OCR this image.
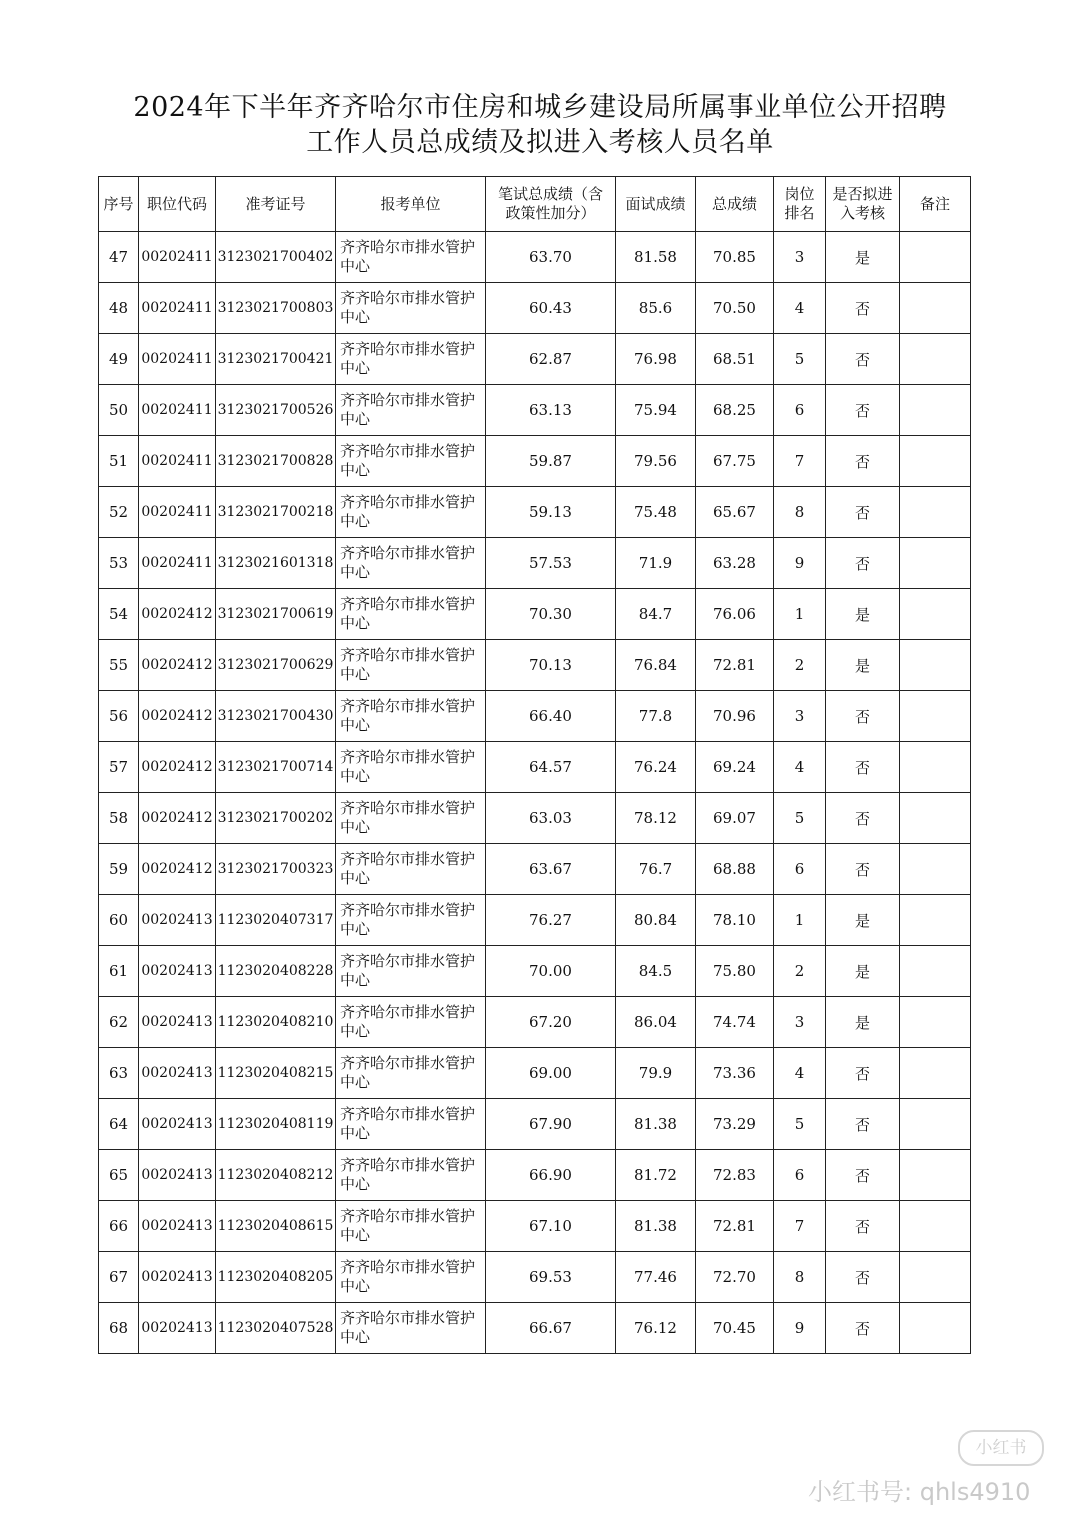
2024年下半年齐齐哈尔市住房和城乡建设局所属事业单位公开招聘
工作人员总成绩及拟进入考核人员名单
序号	职位代码	准考证号	报考单位	笔试总成绩（含政策性加分）	面试成绩	总成绩	岗位排名	是否拟进入考核	备注

47	00202411	3123021700402	齐齐哈尔市排水管护中心	63.70	81.58	70.85	3	是	
48	00202411	3123021700803	齐齐哈尔市排水管护中心	60.43	85.6	70.50	4	否	
49	00202411	3123021700421	齐齐哈尔市排水管护中心	62.87	76.98	68.51	5	否	
50	00202411	3123021700526	齐齐哈尔市排水管护中心	63.13	75.94	68.25	6	否	
51	00202411	3123021700828	齐齐哈尔市排水管护中心	59.87	79.56	67.75	7	否	
52	00202411	3123021700218	齐齐哈尔市排水管护中心	59.13	75.48	65.67	8	否	
53	00202411	3123021601318	齐齐哈尔市排水管护中心	57.53	71.9	63.28	9	否	
54	00202412	3123021700619	齐齐哈尔市排水管护中心	70.30	84.7	76.06	1	是	
55	00202412	3123021700629	齐齐哈尔市排水管护中心	70.13	76.84	72.81	2	是	
56	00202412	3123021700430	齐齐哈尔市排水管护中心	66.40	77.8	70.96	3	否	
57	00202412	3123021700714	齐齐哈尔市排水管护中心	64.57	76.24	69.24	4	否	
58	00202412	3123021700202	齐齐哈尔市排水管护中心	63.03	78.12	69.07	5	否	
59	00202412	3123021700323	齐齐哈尔市排水管护中心	63.67	76.7	68.88	6	否	
60	00202413	1123020407317	齐齐哈尔市排水管护中心	76.27	80.84	78.10	1	是	
61	00202413	1123020408228	齐齐哈尔市排水管护中心	70.00	84.5	75.80	2	是	
62	00202413	1123020408210	齐齐哈尔市排水管护中心	67.20	86.04	74.74	3	是	
63	00202413	1123020408215	齐齐哈尔市排水管护中心	69.00	79.9	73.36	4	否	
64	00202413	1123020408119	齐齐哈尔市排水管护中心	67.90	81.38	73.29	5	否	
65	00202413	1123020408212	齐齐哈尔市排水管护中心	66.90	81.72	72.83	6	否	
66	00202413	1123020408615	齐齐哈尔市排水管护中心	67.10	81.38	72.81	7	否	
67	00202413	1123020408205	齐齐哈尔市排水管护中心	69.53	77.46	72.70	8	否	
68	00202413	1123020407528	齐齐哈尔市排水管护中心	66.67	76.12	70.45	9	否	
小红书
小红书号: qhls4910
